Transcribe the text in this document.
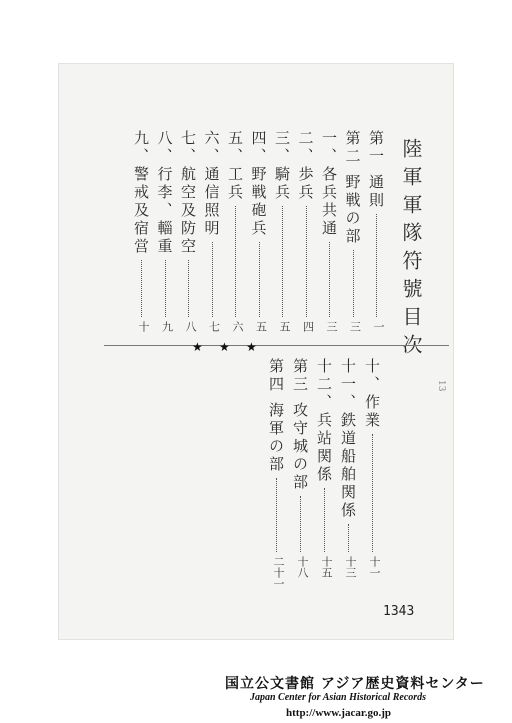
陸軍軍隊符號目次
13
第一 通則
一
第二 野戦の部
三
一、各兵共通
三
二、歩兵
四
三、騎兵
五
四、野戦砲兵
五
五、工兵
六
六、通信照明
七
七、航空及防空
八
八、行李、輜重
九
九、警戒及宿営
十
★ ★ ★
十、作業
十一
十一、鉄道船舶関係
十三
十二、兵站関係
十五
第三 攻守城の部
十八
第四 海軍の部
二十一
1343
国立公文書館 アジア歴史資料センター
Japan Center for Asian Historical Records
http://www.jacar.go.jp
